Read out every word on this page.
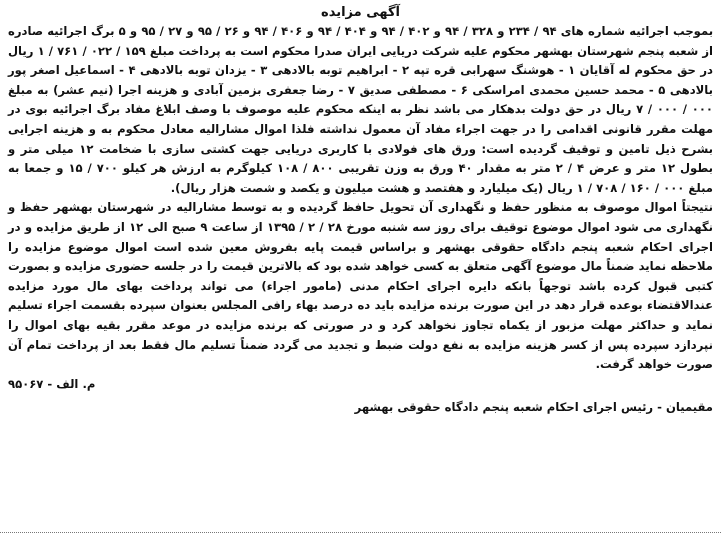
آگهی مزایده

بموجب اجرائیه شماره های ۹۴ / ۲۳۴ و ۳۲۸ / ۹۴ و ۴۰۲ / ۹۴ و ۴۰۴ / ۹۴ و ۴۰۶ / ۹۴ و ۲۶ / ۹۵ و ۲۷ / ۹۵ و ۵ برگ اجرائیه صادره از شعبه پنجم شهرستان بهشهر محکوم علیه شرکت دریایی ایران صدرا محکوم است به پرداخت مبلغ ۱۵۹ / ۰۲۲ / ۷۶۱ / ۱ ریال در حق محکوم له آقایان ۱ - هوشنگ سهرابی قره تپه ۲ - ابراهیم توبه بالادهی ۳ - یزدان توبه بالادهی ۴ - اسماعیل اصغر پور بالادهی ۵ - محمد حسین محمدی امراسکی ۶ - مصطفی صدیق ۷ - رضا جعفری بزمین آبادی و هزینه اجرا (نیم عشر) به مبلغ ۰۰۰ / ۰۰۰ / ۷ ریال در حق دولت بدهکار می باشد نظر به اینکه محکوم علیه موصوف با وصف ابلاغ مفاد برگ اجرائیه بوی در مهلت مقرر قانونی اقدامی را در جهت اجراء مفاد آن معمول نداشته فلذا اموال مشارالیه معادل محکوم به و هزینه اجرایی بشرح ذیل تامین و توقیف گردیده است: ورق های فولادی با کاربری دریایی جهت کشتی سازی با ضخامت ۱۲ میلی متر و بطول ۱۲ متر و عرض ۴ / ۲ متر به مقدار ۴۰ ورق به وزن تقریبی ۸۰۰ / ۱۰۸ کیلوگرم به ارزش هر کیلو ۷۰۰ / ۱۵ و جمعا به مبلغ ۰۰۰ / ۱۶۰ / ۷۰۸ / ۱ ریال (یک میلیارد و هفتصد و هشت میلیون و یکصد و شصت هزار ریال).

نتیجتاً اموال موصوف به منظور حفظ و نگهداری آن تحویل حافظ گردیده و به توسط مشارالیه در شهرستان بهشهر حفظ و نگهداری می شود اموال موضوع توقیف برای روز سه شنبه مورخ ۲۸ / ۲ / ۱۳۹۵ از ساعت ۹ صبح الی ۱۲ از طریق مزایده و در اجرای احکام شعبه پنجم دادگاه حقوقی بهشهر و براساس قیمت پایه بفروش معین شده است اموال موضوع مزایده را ملاحظه نماید ضمناً مال موضوع آگهی متعلق به کسی خواهد شده بود که بالاترین قیمت را در جلسه حضوری مزایده و بصورت کتبی قبول کرده باشد توجهاً بانکه دایره اجرای احکام مدنی (مامور اجراء) می تواند پرداخت بهای مال مورد مزایده عندالاقتضاء بوعده قرار دهد در این صورت برنده مزایده باید ده درصد بهاء رافی المجلس بعنوان سپرده بقسمت اجراء تسلیم نماید و حداکثر مهلت مزبور از یکماه تجاوز نخواهد کرد و در صورتی که برنده مزایده در موعد مقرر بقیه بهای اموال را نپردازد سپرده پس از کسر هزینه مزایده به نفع دولت ضبط و تجدید می گردد ضمناً تسلیم مال فقط بعد از پرداخت تمام آن صورت خواهد گرفت.

م. الف - ۹۵۰۶۷

مقیمیان - رئیس اجرای احکام شعبه پنجم دادگاه حقوقی بهشهر
